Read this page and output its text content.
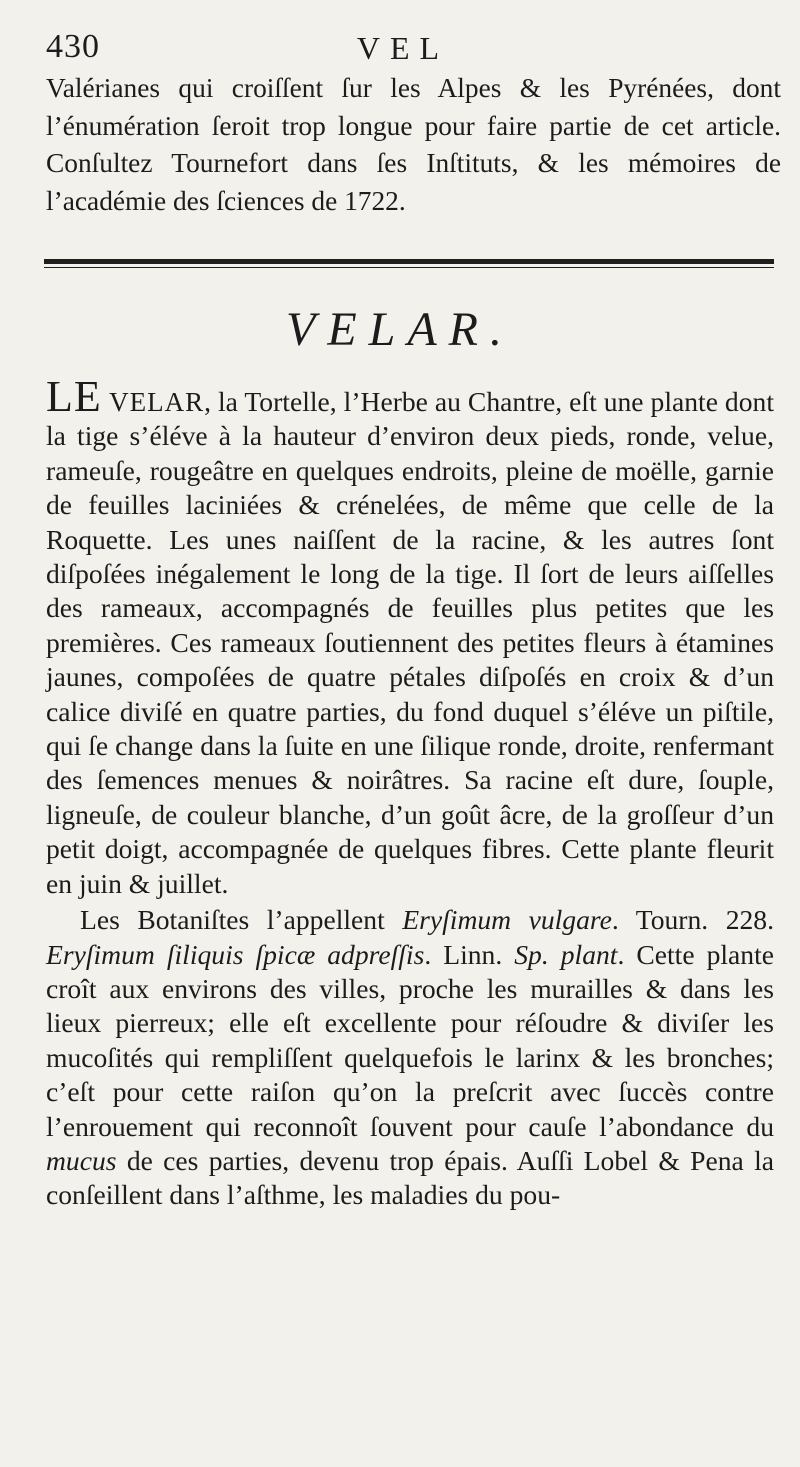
430	VEL
Valérianes qui croiſſent ſur les Alpes & les Pyrénées, dont l’énumération ſeroit trop longue pour faire partie de cet article. Conſultez Tournefort dans ſes Inſtituts, & les mémoires de l’académie des ſciences de 1722.
VELAR.

LE VELAR, la Tortelle, l’Herbe au Chantre, eſt une plante dont la tige s’éléve à la hauteur d’environ deux pieds, ronde, velue, rameuſe, rougeâtre en quelques endroits, pleine de moëlle, garnie de feuilles laciniées & crénelées, de même que celle de la Roquette. Les unes naiſſent de la racine, & les autres ſont diſpoſées inégalement le long de la tige. Il ſort de leurs aiſſelles des rameaux, accompagnés de feuilles plus petites que les premières. Ces rameaux ſoutiennent des petites fleurs à étamines jaunes, compoſées de quatre pétales diſpoſés en croix & d’un calice diviſé en quatre parties, du fond duquel s’éléve un piſtile, qui ſe change dans la ſuite en une ſilique ronde, droite, renfermant des ſemences menues & noirâtres. Sa racine eſt dure, ſouple, ligneuſe, de couleur blanche, d’un goût âcre, de la groſſeur d’un petit doigt, accompagnée de quelques fibres. Cette plante fleurit en juin & juillet.

Les Botaniſtes l’appellent Eryſimum vulgare. Tourn. 228. Eryſimum ſiliquis ſpicæ adpreſſis. Linn. Sp. plant. Cette plante croît aux environs des villes, proche les murailles & dans les lieux pierreux; elle eſt excellente pour réſoudre & diviſer les mucoſités qui rempliſſent quelquefois le larinx & les bronches; c’eſt pour cette raiſon qu’on la preſcrit avec ſuccès contre l’enrouement qui reconnoît ſouvent pour cauſe l’abondance du mucus de ces parties, devenu trop épais. Auſſi Lobel & Pena la conſeillent dans l’aſthme, les maladies du pou-
